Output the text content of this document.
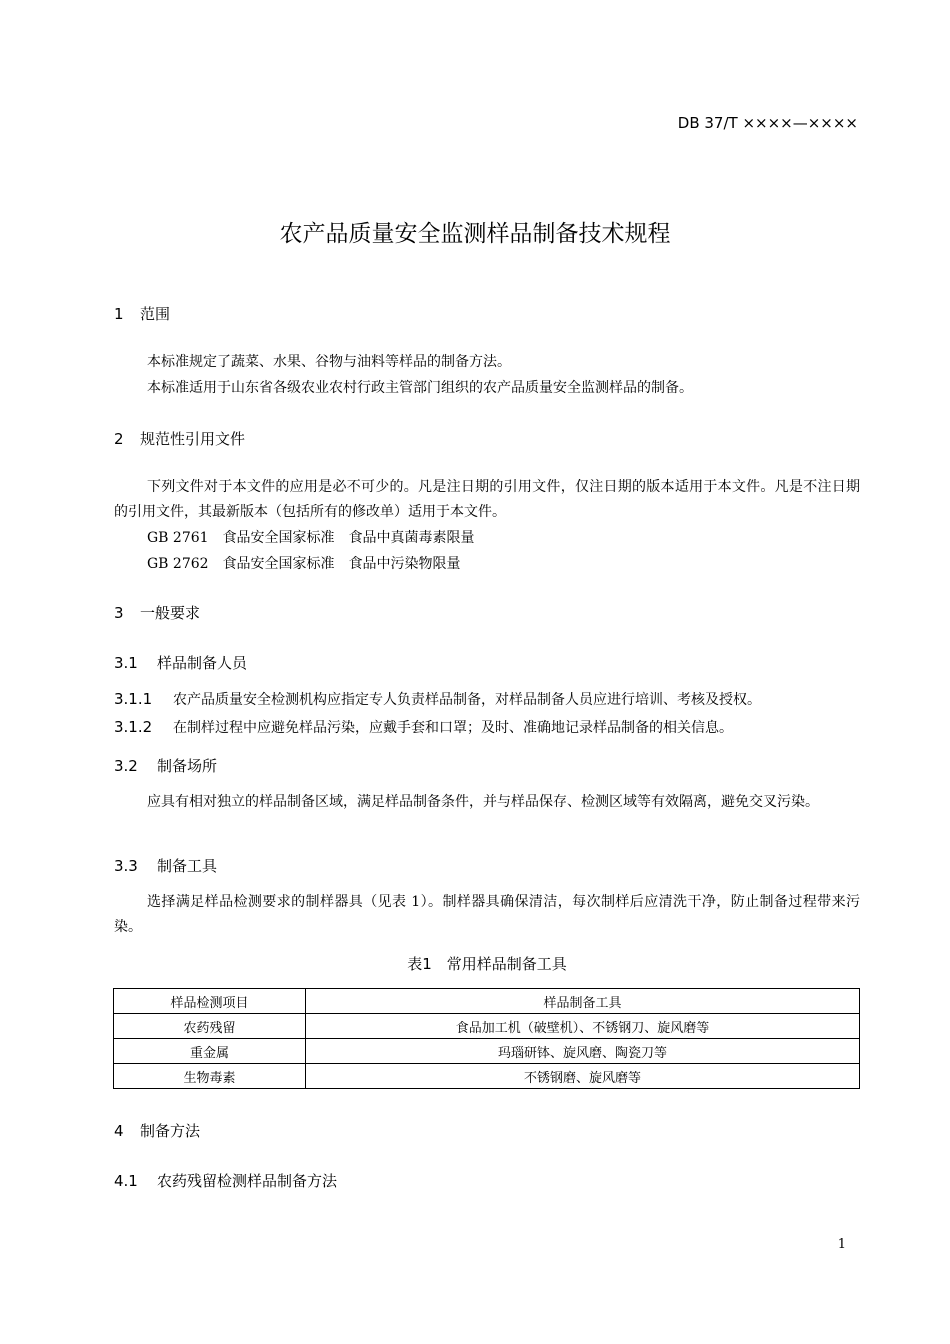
DB 37/T ××××—××××
农产品质量安全监测样品制备技术规程
1 范围
本标准规定了蔬菜、水果、谷物与油料等样品的制备方法。
本标准适用于山东省各级农业农村行政主管部门组织的农产品质量安全监测样品的制备。
2 规范性引用文件
下列文件对于本文件的应用是必不可少的。凡是注日期的引用文件，仅注日期的版本适用于本文件。凡是不注日期的引用文件，其最新版本（包括所有的修改单）适用于本文件。
GB 2761 食品安全国家标准 食品中真菌毒素限量
GB 2762 食品安全国家标准 食品中污染物限量
3 一般要求
3.1 样品制备人员
3.1.1 农产品质量安全检测机构应指定专人负责样品制备，对样品制备人员应进行培训、考核及授权。
3.1.2 在制样过程中应避免样品污染，应戴手套和口罩；及时、准确地记录样品制备的相关信息。
3.2 制备场所
应具有相对独立的样品制备区域，满足样品制备条件，并与样品保存、检测区域等有效隔离，避免交叉污染。
3.3 制备工具
选择满足样品检测要求的制样器具（见表 1）。制样器具确保清洁，每次制样后应清洗干净，防止制备过程带来污染。
表1　常用样品制备工具
样品检测项目	样品制备工具
农药残留	食品加工机（破壁机）、不锈钢刀、旋风磨等
重金属	玛瑙研钵、旋风磨、陶瓷刀等
生物毒素	不锈钢磨、旋风磨等
4 制备方法
4.1 农药残留检测样品制备方法
1
